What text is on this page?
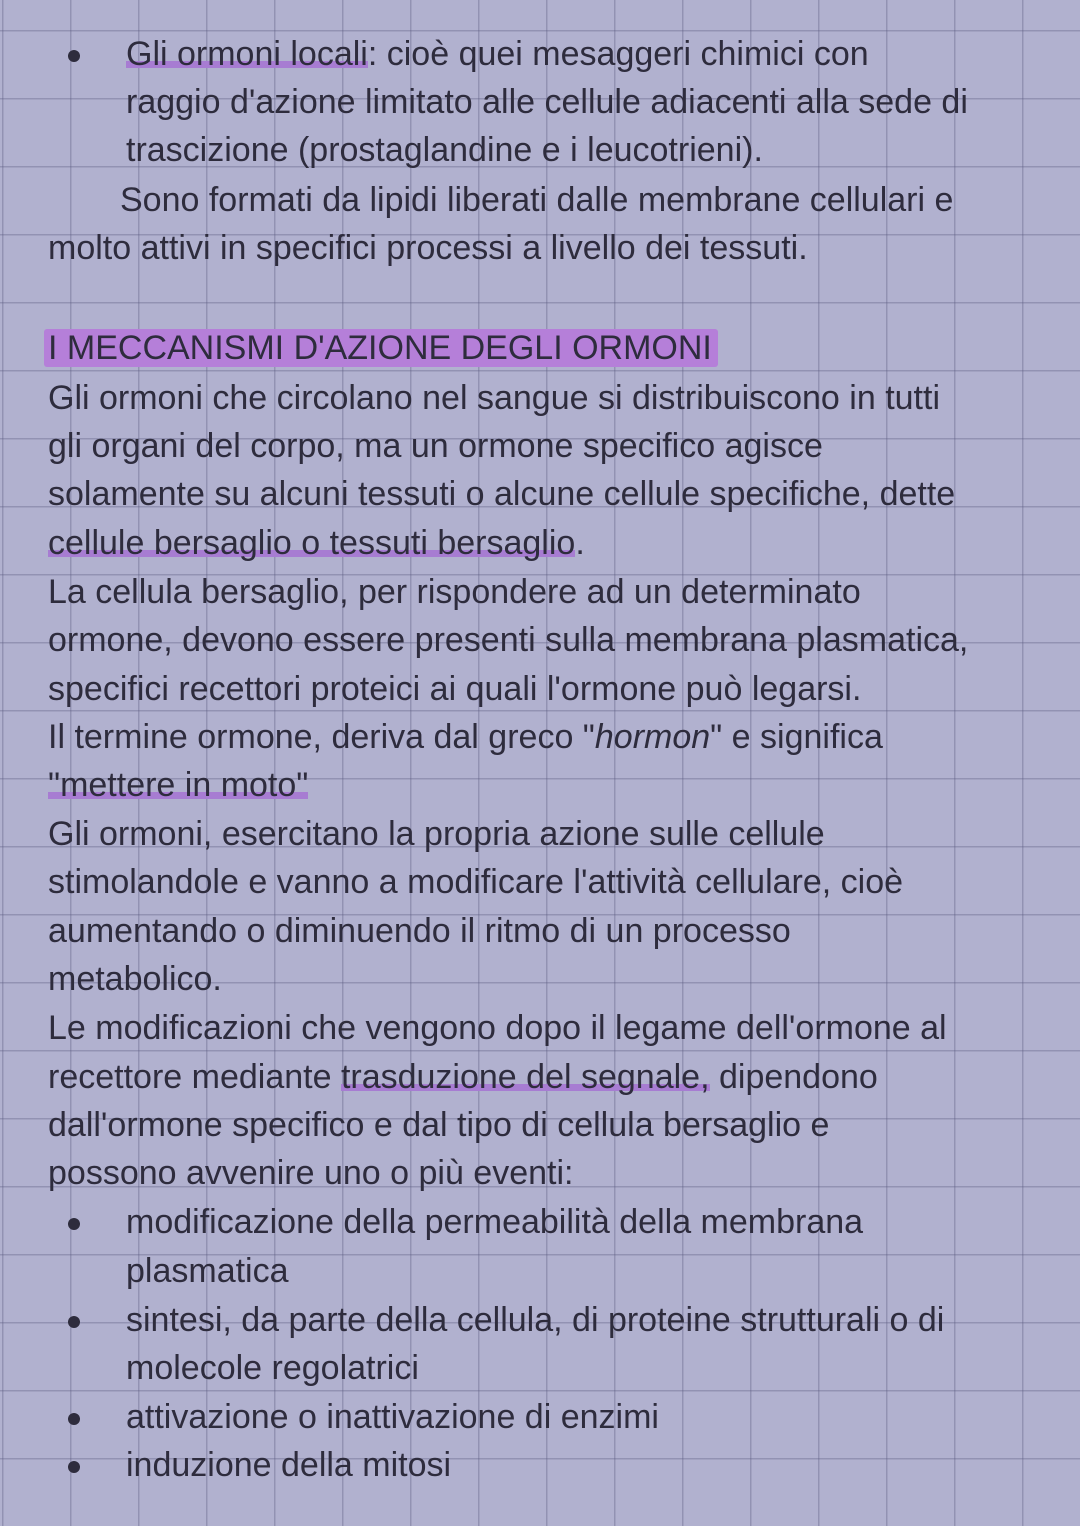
Gli ormoni locali: cioè quei mesaggeri chimici con
raggio d'azione limitato alle cellule adiacenti alla sede di
trascizione (prostaglandine e i leucotrieni).
Sono formati da lipidi liberati dalle membrane cellulari e
molto attivi in specifici processi a livello dei tessuti.
I MECCANISMI D'AZIONE DEGLI ORMONI
Gli ormoni che circolano nel sangue si distribuiscono in tutti
gli organi del corpo, ma un ormone specifico agisce
solamente su alcuni tessuti o alcune cellule specifiche, dette
cellule bersaglio o tessuti bersaglio.
La cellula bersaglio, per rispondere ad un determinato
ormone, devono essere presenti sulla membrana plasmatica,
specifici recettori proteici ai quali l'ormone può legarsi.
Il termine ormone, deriva dal greco "hormon" e significa
"mettere in moto"
Gli ormoni, esercitano la propria azione sulle cellule
stimolandole e vanno a modificare l'attività cellulare, cioè
aumentando o diminuendo il ritmo di un processo
metabolico.
Le modificazioni che vengono dopo il legame dell'ormone al
recettore mediante trasduzione del segnale, dipendono
dall'ormone specifico e dal tipo di cellula bersaglio e
possono avvenire uno o più eventi:
modificazione della permeabilità della membrana
plasmatica
sintesi, da parte della cellula, di proteine strutturali o di
molecole regolatrici
attivazione o inattivazione di enzimi
induzione della mitosi
